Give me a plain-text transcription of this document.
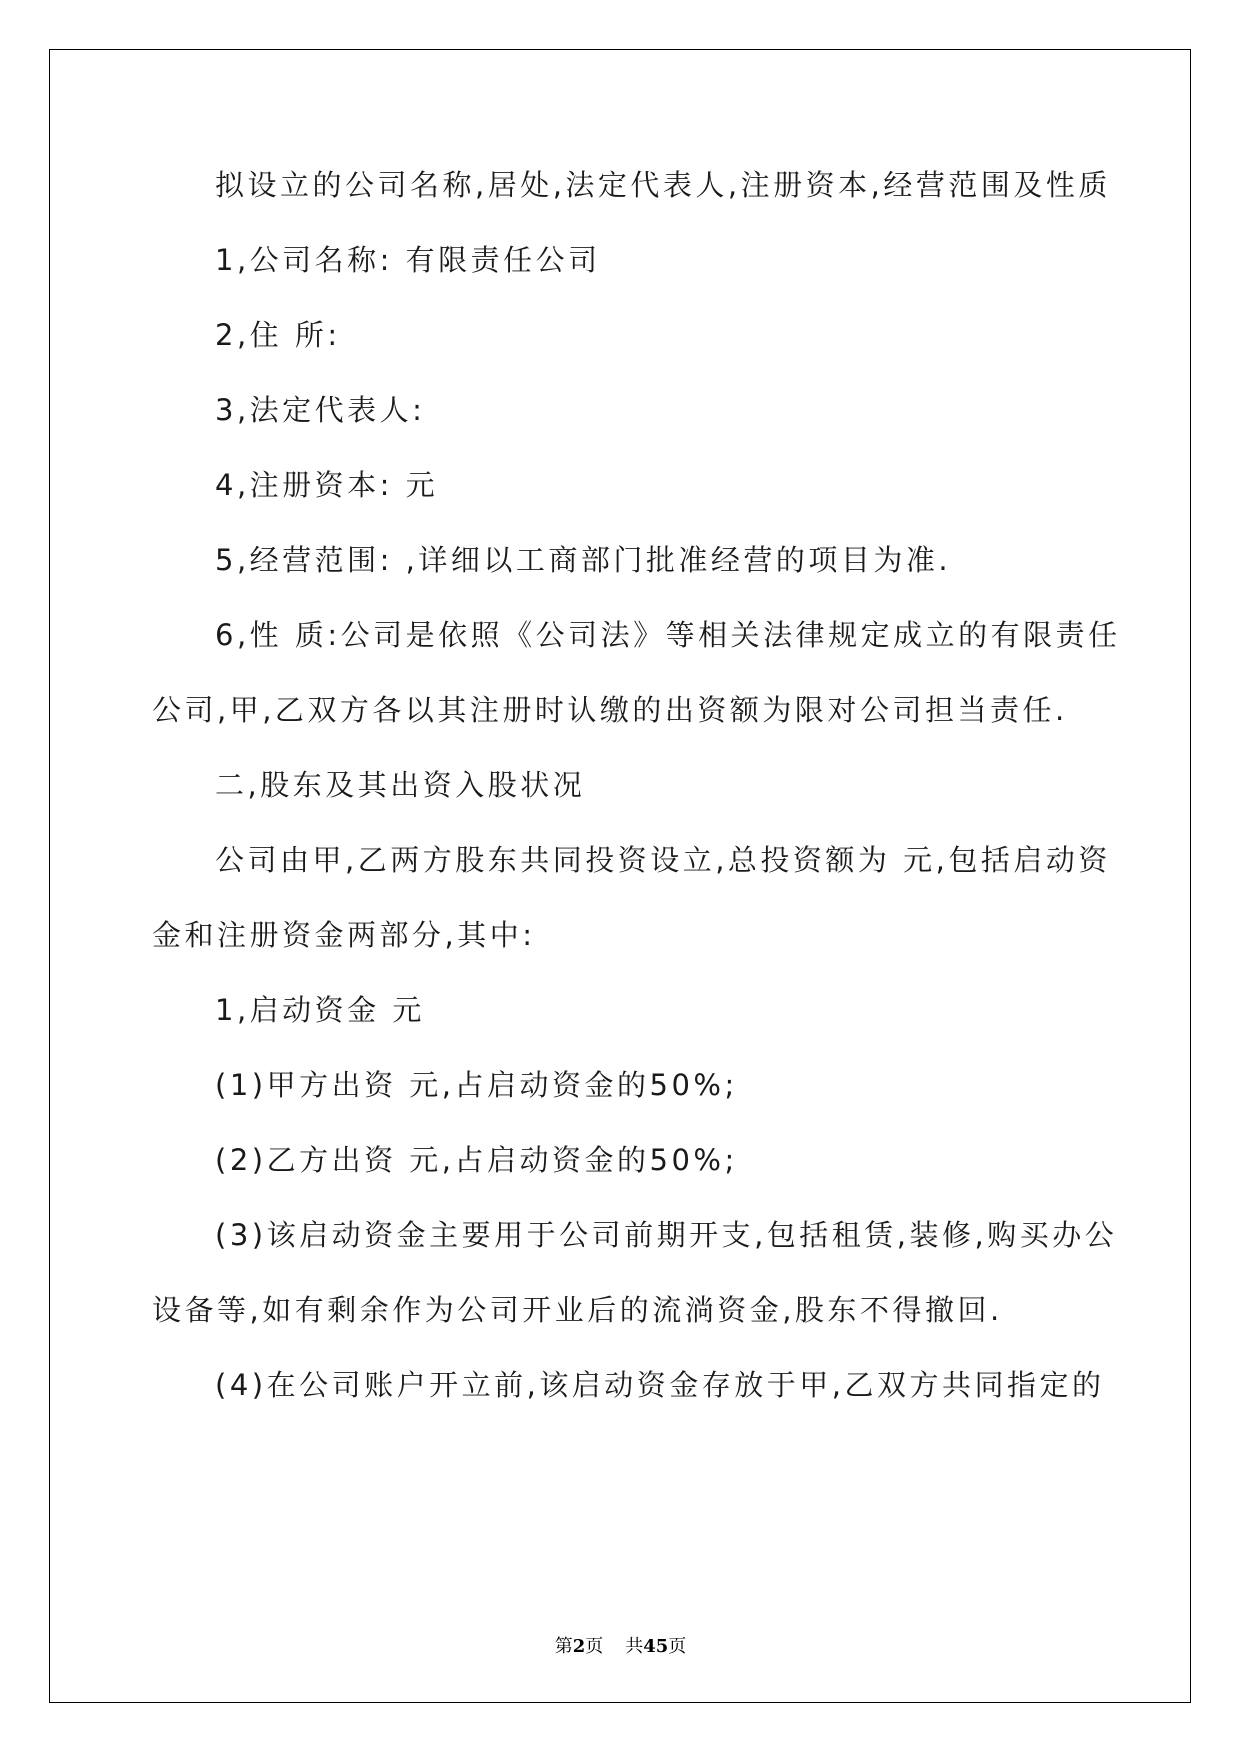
拟设立的公司名称,居处,法定代表人,注册资本,经营范围及性质
1,公司名称: 有限责任公司
2,住 所:
3,法定代表人:
4,注册资本: 元
5,经营范围: ,详细以工商部门批准经营的项目为准.
6,性 质:公司是依照《公司法》等相关法律规定成立的有限责任
公司,甲,乙双方各以其注册时认缴的出资额为限对公司担当责任.
二,股东及其出资入股状况
公司由甲,乙两方股东共同投资设立,总投资额为 元,包括启动资
金和注册资金两部分,其中:
1,启动资金 元
(1)甲方出资 元,占启动资金的50%;
(2)乙方出资 元,占启动资金的50%;
(3)该启动资金主要用于公司前期开支,包括租赁,装修,购买办公
设备等,如有剩余作为公司开业后的流淌资金,股东不得撤回.
(4)在公司账户开立前,该启动资金存放于甲,乙双方共同指定的
第2页 共45页
